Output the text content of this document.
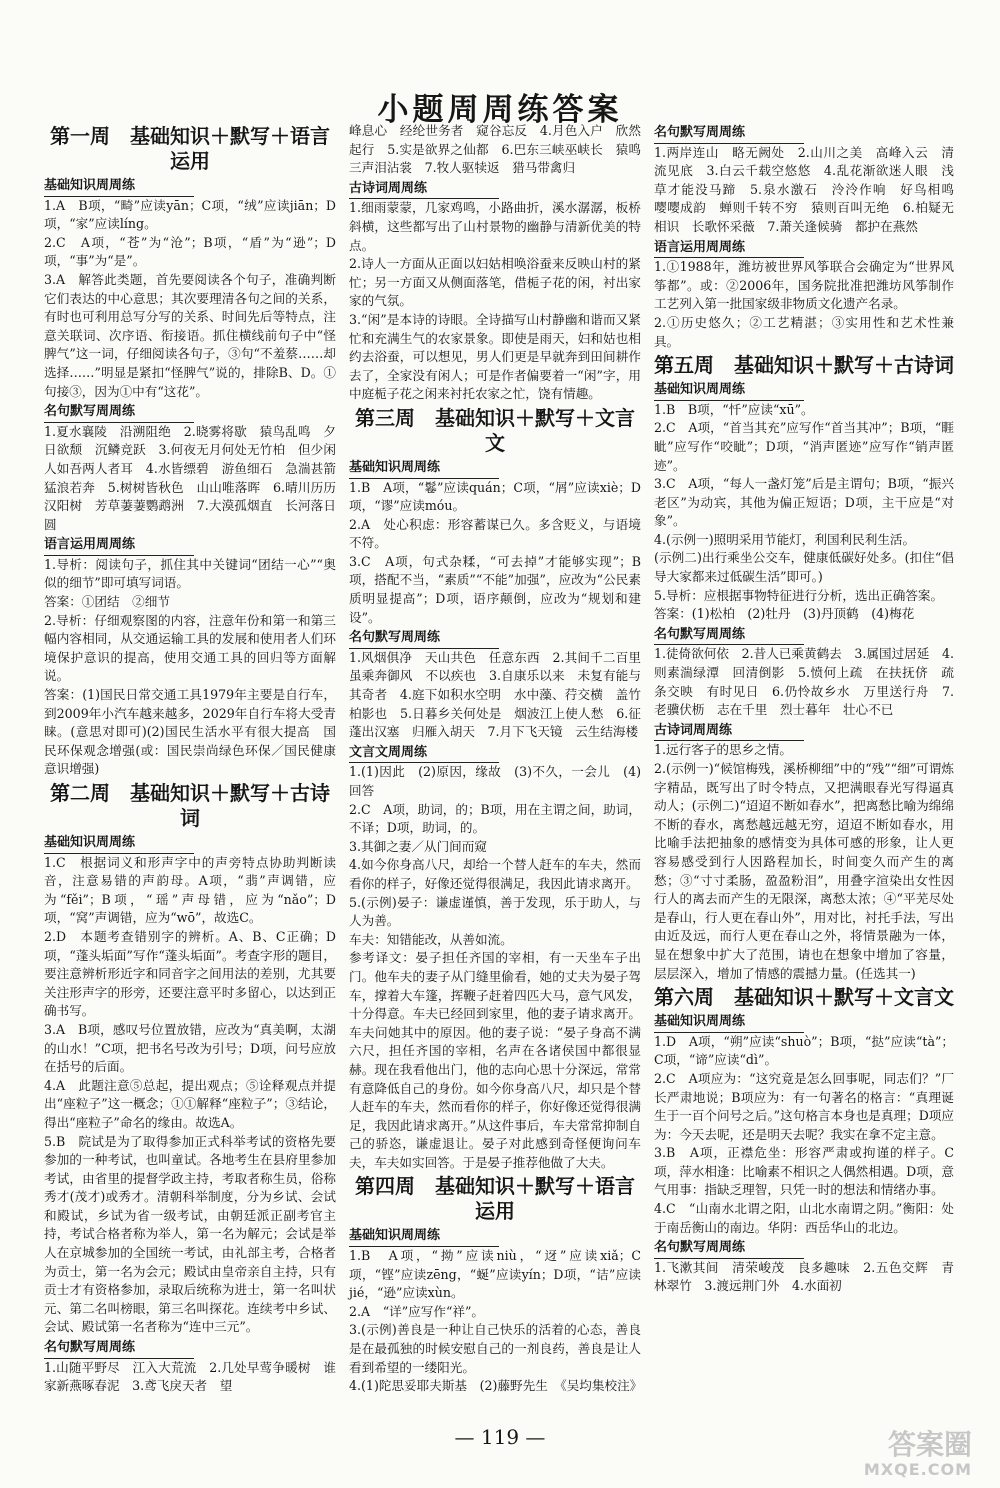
小题周周练答案
第一周　基础知识＋默写＋语言运用
基础知识周周练
1.A　B项，“畸”应读yān；C项，“绒”应读jiān；D项，“家”应读líng。
2.C　A项，“苍”为“沧”；B项，“盾”为“逊”；D项，“事”为“是”。
3.A　解答此类题，首先要阅读各个句子，准确判断它们表达的中心意思；其次要理清各句之间的关系，有时也可利用总写分写的关系、时间先后等特点，注意关联词、次序语、衔接语。抓住横线前句子中“怪脾气”这一词，仔细阅读各句子，③句“不羞蔡……却选择……”明显是紧扣“怪脾气”说的，排除B、D。①句接③，因为①中有“这花”。
名句默写周周练
1.夏水襄陵　沿溯阻绝　2.晓雾将歇　猿鸟乱鸣　夕日欲颓　沉鳞竞跃　3.何夜无月何处无竹柏　但少闲人如吾两人者耳　4.水皆缥碧　游鱼细石　急湍甚箭　猛浪若奔　5.树树皆秋色　山山唯落晖　6.晴川历历汉阳树　芳草萋萋鹦鹉洲　7.大漠孤烟直　长河落日圆
语言运用周周练
1.导析：阅读句子，抓住其中关键词“团结一心”“奥似的细节”即可填写词语。
答案：①团结　②细节
2.导析：仔细观察图的内容，注意年份和第一和第三幅内容相同，从交通运输工具的发展和使用者人们环境保护意识的提高，使用交通工具的回归等方面解说。
答案：(1)国民日常交通工具1979年主要是自行车，到2009年小汽车越来越多，2029年自行车将大受青睐。(意思对即可)(2)国民生活水平有很大提高　国民环保观念增强(或：国民崇尚绿色环保／国民健康意识增强)
第二周　基础知识＋默写＋古诗词
基础知识周周练
1.C　根据词义和形声字中的声旁特点协助判断读音，注意易错的声韵母。A项，“翡”声调错，应为“fěi”；B项，“瑶”声母错，应为“nǎo”；D项，“窝”声调错，应为“wō”，故选C。
2.D　本题考查错别字的辨析。A、B、C正确；D项，“蓬头垢面”写作“蓬头垢面”。考查字形的题目，要注意辨析形近字和同音字之间用法的差别，尤其要关注形声字的形旁，还要注意平时多留心，以达到正确书写。
3.A　B项，感叹号位置放错，应改为“真美啊，太湖的山水！”C项，把书名号改为引号；D项，问号应放在括号的后面。
4.A　此题注意⑤总起，提出观点；⑤诠释观点并提出“座粒子”这一概念；①①解释“座粒子”；③结论，得出“座粒子”命名的缘由。故选A。
5.B　院试是为了取得参加正式科举考试的资格先要参加的一种考试，也叫童试。各地考生在县府里参加考试，由省里的提督学政主持，考取者称生员，俗称秀才(茂才)或秀才。清朝科举制度，分为乡试、会试和殿试，乡试为省一级考试，由朝廷派正副考官主持，考试合格者称为举人，第一名为解元；会试是举人在京城参加的全国统一考试，由礼部主考，合格者为贡士，第一名为会元；殿试由皇帝亲自主持，只有贡士才有资格参加，录取后统称为进士，第一名叫状元、第二名叫榜眼，第三名叫探花。连续考中乡试、会试、殿试第一名者称为“连中三元”。
名句默写周周练
1.山随平野尽　江入大荒流　2.几处早莺争暖树　谁家新燕啄春泥　3.鸢飞戾天者　望
峰息心　经纶世务者　窥谷忘反　4.月色入户　欣然起行　5.实是欲界之仙都　6.巴东三峡巫峡长　猿鸣三声泪沾裳　7.牧人驱犊返　猎马带禽归
古诗词周周练
1.细雨蒙蒙，几家鸡鸣，小路曲折，溪水潺潺，板桥斜横，这些都写出了山村景物的幽静与清新优美的特点。
2.诗人一方面从正面以妇姑相唤浴蚕来反映山村的紧忙；另一方面又从侧面落笔，借栀子花的闲，衬出家家的气氛。
3.“闲”是本诗的诗眼。全诗描写山村静幽和谐而又紧忙和充满生气的农家景象。即使是雨天，妇和姑也相约去浴蚕，可以想见，男人们更是早就奔到田间耕作去了，全家没有闲人；可是作者偏要着一“闲”字，用中庭栀子花之闲来衬托农家之忙，饶有情趣。
第三周　基础知识＋默写＋文言文
基础知识周周练
1.B　A项，“鬈”应读quán；C项，“屑”应读xiè；D项，“谬”应读móu。
2.A　处心积虑：形容蓄谋已久。多含贬义，与语境不符。
3.C　A项，句式杂糅，“可去掉”才能够实现”；B项，搭配不当，“素质”“不能”加强”，应改为“公民素质明显提高”；D项，语序颠倒，应改为“规划和建设”。
名句默写周周练
1.风烟俱净　天山共色　任意东西　2.其间千二百里　虽乘奔御风　不以疾也　3.自康乐以来　未复有能与其奇者　4.庭下如积水空明　水中藻、荇交横　盖竹柏影也　5.日暮乡关何处是　烟波江上使人愁　6.征蓬出汉塞　归雁入胡天　7.月下飞天镜　云生结海楼
文言文周周练
1.(1)因此　(2)原因，缘故　(3)不久，一会儿　(4)回答
2.C　A项，助词，的；B项，用在主谓之间，助词，不译；D项，助词，的。
3.其御之妻／从门间而窥
4.如今你身高八尺，却给一个替人赶车的车夫，然而看你的样子，好像还觉得很满足，我因此请求离开。
5.(示例)晏子：谦虚谨慎，善于发现，乐于助人，与人为善。
车夫：知错能改，从善如流。
参考译文：晏子担任齐国的宰相，有一天坐车子出门。他车夫的妻子从门缝里偷看，她的丈夫为晏子驾车，撑着大车篷，挥鞭子赶着四匹大马，意气风发，十分得意。车夫已经回到家里，他的妻子请求离开。车夫问她其中的原因。他的妻子说：“晏子身高不满六尺，担任齐国的宰相，名声在各诸侯国中都很显赫。现在我看他出门，他的志向心思十分深远，常常有意降低自己的身份。如今你身高八尺，却只是个替人赶车的车夫，然而看你的样子，你好像还觉得很满足，我因此请求离开。”从这件事后，车夫常常抑制自己的骄恣，谦虚退让。晏子对此感到奇怪便询问车夫，车夫如实回答。于是晏子推荐他做了大夫。
第四周　基础知识＋默写＋语言运用
基础知识周周练
1.B　A项，“拗”应读niù，“迓”应读xiǎ；C项，“铿”应读zēng，“蜒”应读yín；D项，“诘”应读jié，“逊”应读xùn。
2.A　“详”应写作“祥”。
3.(示例)善良是一种让自己快乐的活着的心态，善良是在最孤独的时候安慰自己的一剂良药，善良是让人看到希望的一缕阳光。
4.(1)陀思妥耶夫斯基　(2)藤野先生　《吴均集校注》
名句默写周周练
1.两岸连山　略无阙处　2.山川之美　高峰入云　清流见底　3.白云千载空悠悠　4.乱花渐欲迷人眼　浅草才能没马蹄　5.泉水激石　泠泠作响　好鸟相鸣　嘤嘤成韵　蝉则千转不穷　猿则百叫无绝　6.柏疑无相识　长歌怀采薇　7.萧关逢候骑　都护在燕然
语言运用周周练
1.①1988年，潍坊被世界风筝联合会确定为“世界风筝都”。或：②2006年，国务院批准把潍坊风筝制作工艺列入第一批国家级非物质文化遗产名录。
2.①历史悠久；②工艺精湛；③实用性和艺术性兼具。
第五周　基础知识＋默写＋古诗词
基础知识周周练
1.B　B项，“忏”应读“xū”。
2.C　A项，“首当其充”应写作“首当其冲”；B项，“睚眦”应写作“咬眦”；D项，“消声匿迹”应写作“销声匿迹”。
3.C　A项，“每人一盏灯笼”后是主谓句；B项，“振兴老区”为动宾，其他为偏正短语；D项，主干应是“对象”。
4.(示例一)照明采用节能灯，利国利民利生活。
(示例二)出行乘坐公交车，健康低碳好处多。(扣住“倡导大家都来过低碳生活”即可。)
5.导析：应根据事物特征进行分析，选出正确答案。
答案：(1)松柏　(2)牡丹　(3)丹顶鹤　(4)梅花
名句默写周周练
1.徒倚欲何依　2.昔人已乘黄鹤去　3.属国过居延　4.则素湍绿潭　回清倒影　5.愤何上疏　在扶抚侪　疏条交映　有时见日　6.仍怜故乡水　万里送行舟　7.老骥伏枥　志在千里　烈士暮年　壮心不已
古诗词周周练
1.远行客子的思乡之情。
2.(示例一)“候馆梅残，溪桥柳细”中的“残”“细”可谓炼字精品，既写出了时令特点，又把满眼春光写得逼真动人；(示例二)“迢迢不断如春水”，把离愁比喻为绵绵不断的春水，离愁越远越无穷，迢迢不断如春水，用比喻手法把抽象的感情变为具体可感的形象，让人更容易感受到行人因路程加长，时间变久而产生的离愁；③“寸寸柔肠，盈盈粉泪”，用叠字渲染出女性因行人的离去而产生的无限深，离愁太浓；④“平芜尽处是春山，行人更在春山外”，用对比，衬托手法，写出由近及远，而行人更在春山之外，将情景融为一体，显在想象中扩大了范围，请也在想象中增加了容量，层层深入，增加了情感的震撼力量。(任选其一)
第六周　基础知识＋默写＋文言文
基础知识周周练
1.D　A项，“朔”应读“shuò”；B项，“挞”应读“tà”；C项，“谛”应读“dì”。
2.C　A项应为：“这究竟是怎么回事呢，同志们？”厂长严肃地说；B项应为：有一句著名的格言：“真理诞生于一百个问号之后。”这句格言本身也是真理；D项应为：今天去呢，还是明天去呢？我实在拿不定主意。
3.B　A项，正襟危坐：形容严肃或拘谨的样子。C项，萍水相逢：比喻素不相识之人偶然相遇。D项，意气用事：指缺乏理智，只凭一时的想法和情绪办事。
4.C　“山南水北谓之阳，山北水南谓之阴。”衡阳：处于南岳衡山的南边。华阴：西岳华山的北边。
名句默写周周练
1.飞漱其间　清荣峻茂　良多趣味　2.五色交辉　青林翠竹　3.渡远荆门外　4.水面初
— 119 —	答案圈
MXQE.COM
